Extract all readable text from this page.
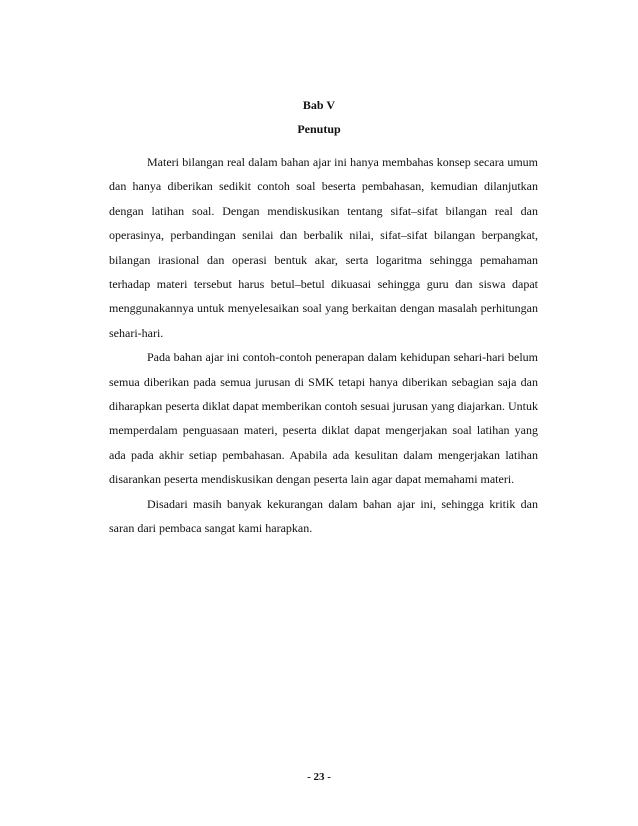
Bab V
Penutup

Materi bilangan real dalam bahan ajar ini hanya membahas konsep secara umum dan hanya diberikan sedikit contoh soal beserta pembahasan, kemudian dilanjutkan dengan latihan soal. Dengan mendiskusikan tentang sifat–sifat bilangan real dan operasinya, perbandingan senilai dan berbalik nilai, sifat–sifat bilangan berpangkat, bilangan irasional dan operasi bentuk akar, serta logaritma sehingga pemahaman terhadap materi tersebut harus betul–betul dikuasai sehingga guru dan siswa dapat menggunakannya untuk menyelesaikan soal yang berkaitan dengan masalah perhitungan sehari-hari.

Pada bahan ajar ini contoh-contoh penerapan dalam kehidupan sehari-hari belum semua diberikan pada semua jurusan di SMK tetapi hanya diberikan sebagian saja dan diharapkan peserta diklat dapat memberikan contoh sesuai jurusan yang diajarkan. Untuk memperdalam penguasaan materi, peserta diklat dapat mengerjakan soal latihan yang ada pada akhir setiap pembahasan. Apabila ada kesulitan dalam mengerjakan latihan disarankan peserta mendiskusikan dengan peserta lain agar dapat memahami materi.

Disadari masih banyak kekurangan dalam bahan ajar ini, sehingga kritik dan saran dari pembaca sangat kami harapkan.

- 23 -
